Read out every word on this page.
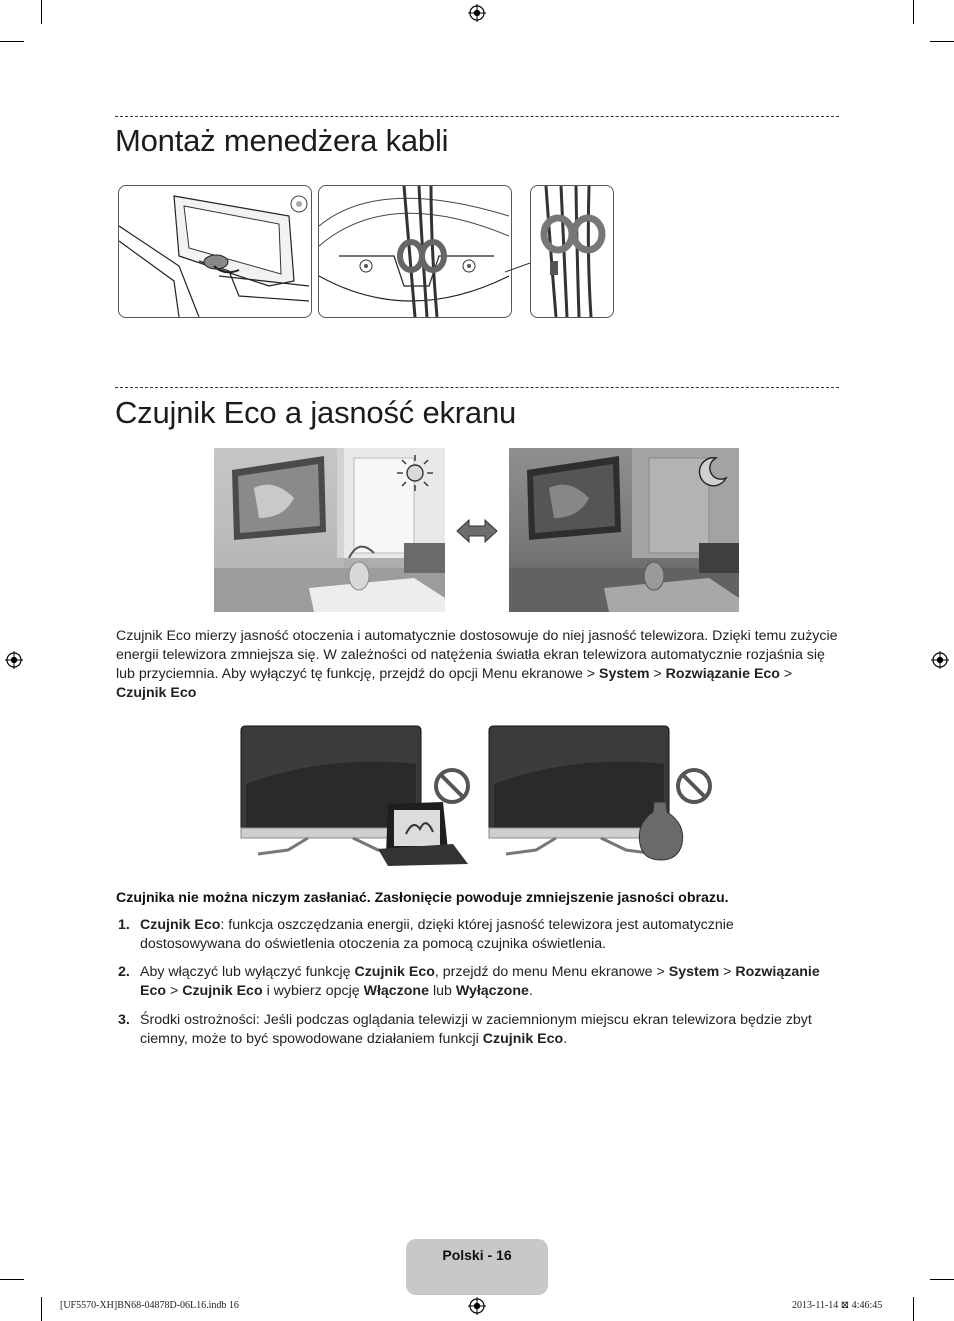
Montaż menedżera kabli
Czujnik Eco a jasność ekranu
Czujnik Eco mierzy jasność otoczenia i automatycznie dostosowuje do niej jasność telewizora. Dzięki temu zużycie energii telewizora zmniejsza się. W zależności od natężenia światła ekran telewizora automatycznie rozjaśnia się lub przyciemnia. Aby wyłączyć tę funkcję, przejdź do opcji Menu ekranowe > System > Rozwiązanie Eco > Czujnik Eco
Czujnika nie można niczym zasłaniać. Zasłonięcie powoduje zmniejszenie jasności obrazu.
1. Czujnik Eco: funkcja oszczędzania energii, dzięki której jasność telewizora jest automatycznie dostosowywana do oświetlenia otoczenia za pomocą czujnika oświetlenia.
2. Aby włączyć lub wyłączyć funkcję Czujnik Eco, przejdź do menu Menu ekranowe > System > Rozwiązanie Eco > Czujnik Eco i wybierz opcję Włączone lub Wyłączone.
3. Środki ostrożności: Jeśli podczas oglądania telewizji w zaciemnionym miejscu ekran telewizora będzie zbyt ciemny, może to być spowodowane działaniem funkcji Czujnik Eco.
Polski - 16
[UF5570-XH]BN68-04878D-06L16.indb 16	2013-11-14 ⊠ 4:46:45
